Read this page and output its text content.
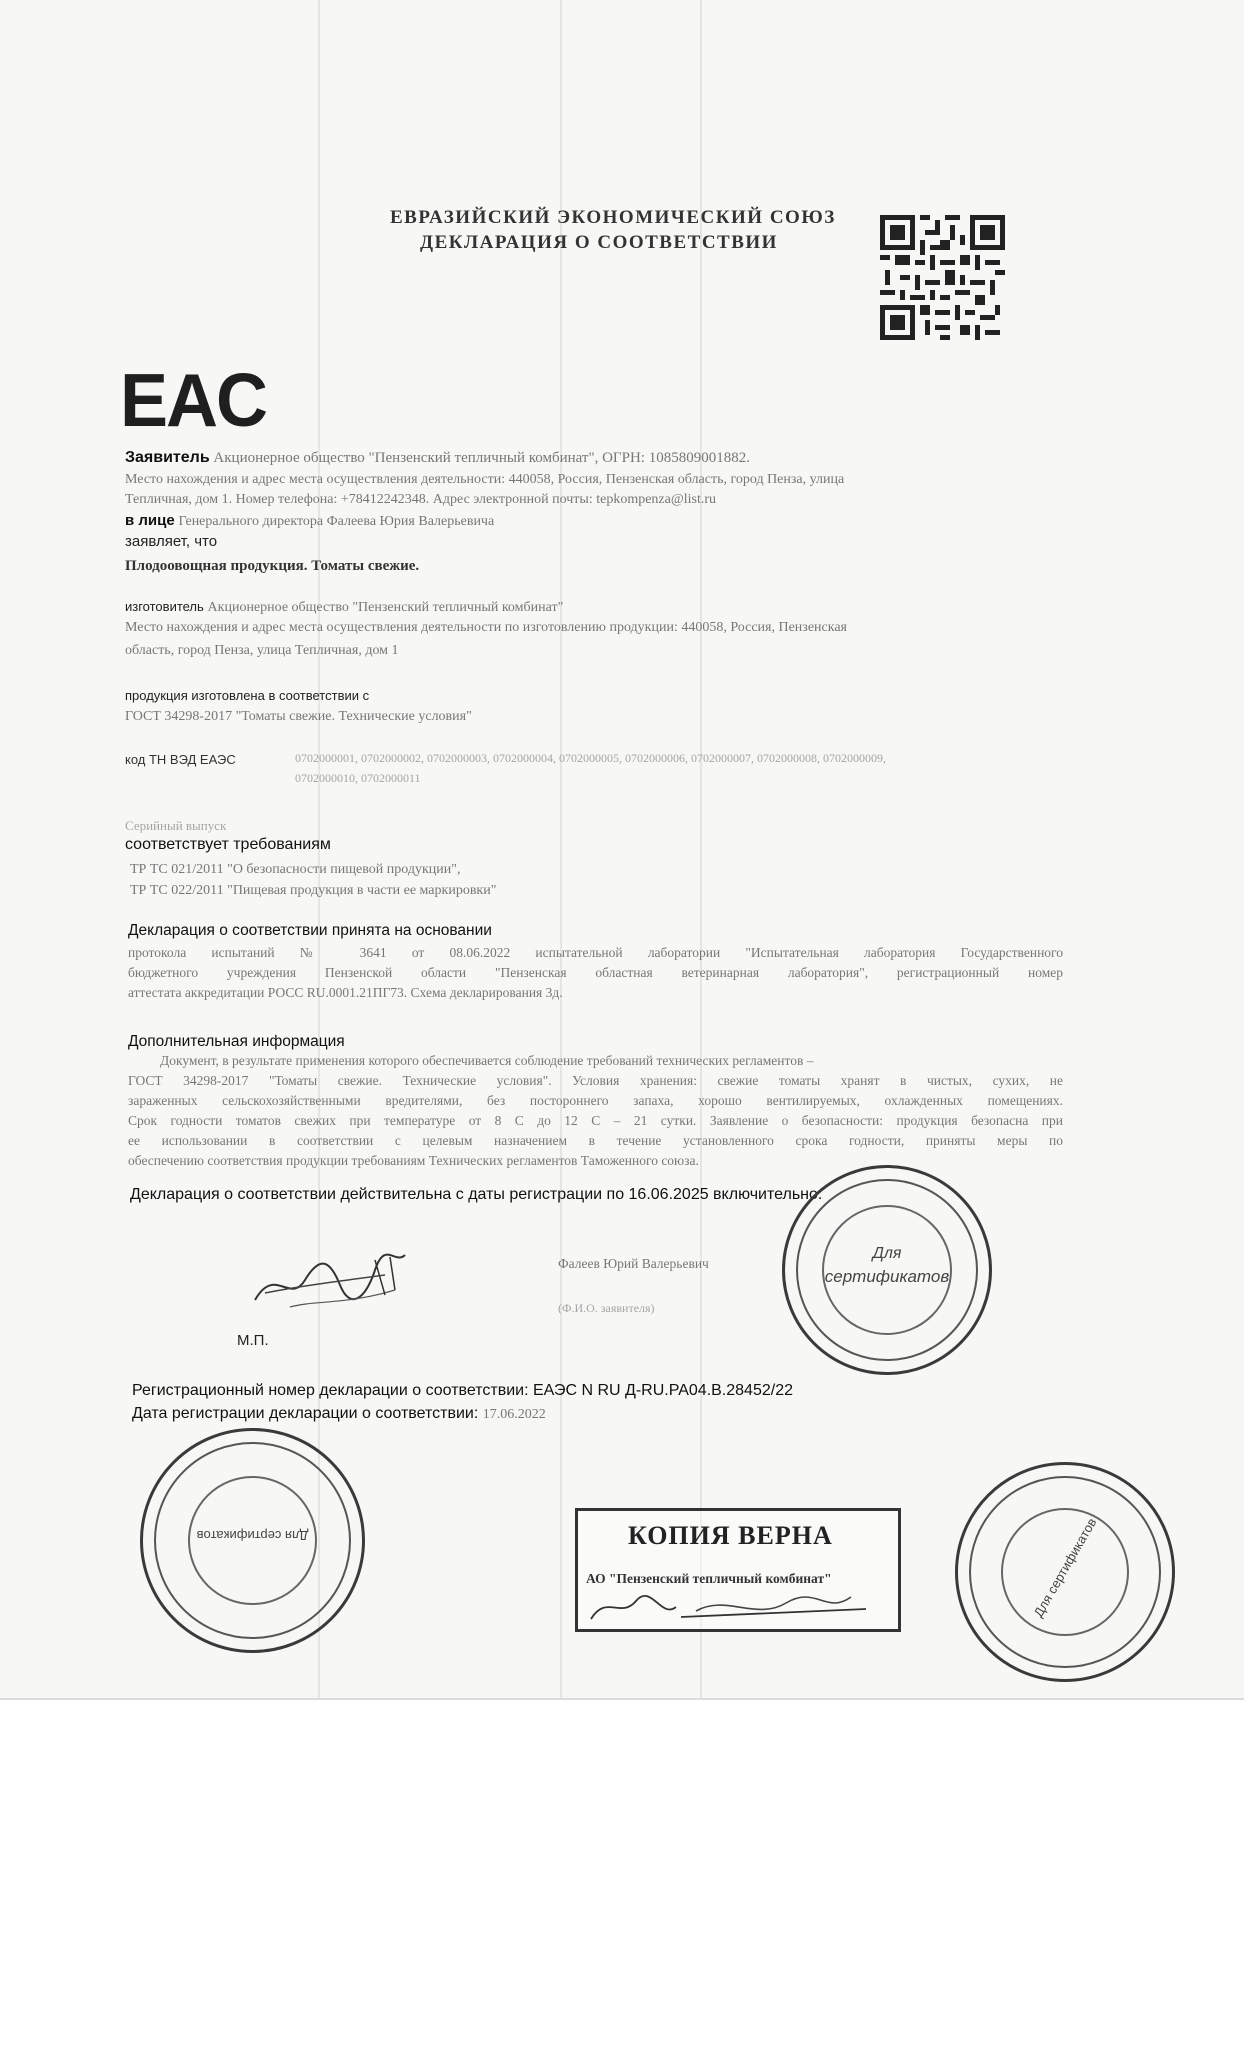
ЕВРАЗИЙСКИЙ ЭКОНОМИЧЕСКИЙ СОЮЗ
ДЕКЛАРАЦИЯ О СООТВЕТСТВИИ
EAC
Заявитель Акционерное общество "Пензенский тепличный комбинат", ОГРН: 1085809001882.
Место нахождения и адрес места осуществления деятельности: 440058, Россия, Пензенская область, город Пенза, улица
Тепличная, дом 1. Номер телефона: +78412242348. Адрес электронной почты: tepkompenza@list.ru
в лице Генерального директора Фалеева Юрия Валерьевича
заявляет, что
Плодоовощная продукция. Томаты свежие.
изготовитель Акционерное общество "Пензенский тепличный комбинат"
Место нахождения и адрес места осуществления деятельности по изготовлению продукции: 440058, Россия, Пензенская
область, город Пенза, улица Тепличная, дом 1
продукция изготовлена в соответствии с
ГОСТ 34298-2017 "Томаты свежие. Технические условия"
код ТН ВЭД ЕАЭС	0702000001, 0702000002, 0702000003, 0702000004, 0702000005, 0702000006, 0702000007, 0702000008, 0702000009,
0702000010, 0702000011
Серийный выпуск
соответствует требованиям
ТР ТС 021/2011 "О безопасности пищевой продукции",
ТР ТС 022/2011 "Пищевая продукция в части ее маркировки"
Декларация о соответствии принята на основании
протокола испытаний № 3641 от 08.06.2022 испытательной лаборатории "Испытательная лаборатория Государственного
бюджетного учреждения Пензенской области "Пензенская областная ветеринарная лаборатория", регистрационный номер
аттестата аккредитации РОСС RU.0001.21ПГ73. Схема декларирования 3д.
Дополнительная информация
Документ, в результате применения которого обеспечивается соблюдение требований технических регламентов –
ГОСТ 34298-2017 "Томаты свежие. Технические условия". Условия хранения: свежие томаты хранят в чистых, сухих, не
зараженных сельскохозяйственными вредителями, без постороннего запаха, хорошо вентилируемых, охлажденных помещениях.
Срок годности томатов свежих при температуре от 8 С до 12 С – 21 сутки. Заявление о безопасности: продукция безопасна при
ее использовании в соответствии с целевым назначением в течение установленного срока годности, приняты меры по
обеспечению соответствия продукции требованиям Технических регламентов Таможенного союза.
Декларация о соответствии действительна с даты регистрации по 16.06.2025 включительно.
М.П.
Фалеев Юрий Валерьевич
(Ф.И.О. заявителя)
Для
сертификатов
Регистрационный номер декларации о соответствии: ЕАЭС N RU Д-RU.PA04.B.28452/22
Дата регистрации декларации о соответствии: 17.06.2022
Для сертификатов	Для сертификатов
КОПИЯ ВЕРНА
АО "Пензенский тепличный комбинат"
